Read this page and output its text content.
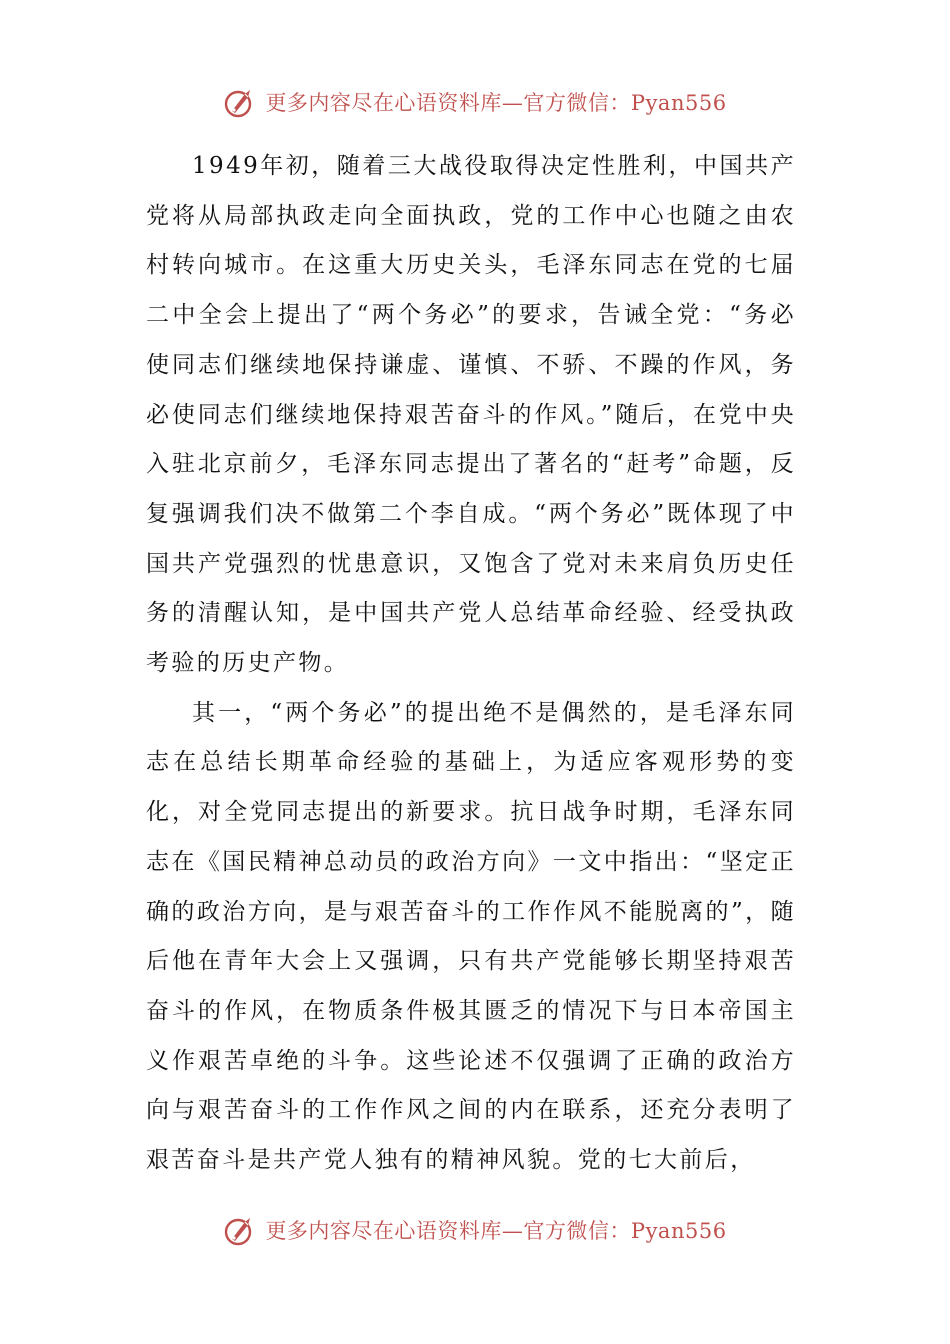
更多内容尽在心语资料库—官方微信：Pyan556

1949年初，随着三大战役取得决定性胜利，中国共产党将从局部执政走向全面执政，党的工作中心也随之由农村转向城市。在这重大历史关头，毛泽东同志在党的七届二中全会上提出了“两个务必”的要求，告诫全党：“务必使同志们继续地保持谦虚、谨慎、不骄、不躁的作风，务必使同志们继续地保持艰苦奋斗的作风。”随后，在党中央入驻北京前夕，毛泽东同志提出了著名的“赶考”命题，反复强调我们决不做第二个李自成。“两个务必”既体现了中国共产党强烈的忧患意识，又饱含了党对未来肩负历史任务的清醒认知，是中国共产党人总结革命经验、经受执政考验的历史产物。

其一，“两个务必”的提出绝不是偶然的，是毛泽东同志在总结长期革命经验的基础上，为适应客观形势的变化，对全党同志提出的新要求。抗日战争时期，毛泽东同志在《国民精神总动员的政治方向》一文中指出：“坚定正确的政治方向，是与艰苦奋斗的工作作风不能脱离的”，随后他在青年大会上又强调，只有共产党能够长期坚持艰苦奋斗的作风，在物质条件极其匮乏的情况下与日本帝国主义作艰苦卓绝的斗争。这些论述不仅强调了正确的政治方向与艰苦奋斗的工作作风之间的内在联系，还充分表明了艰苦奋斗是共产党人独有的精神风貌。党的七大前后，

更多内容尽在心语资料库—官方微信：Pyan556
